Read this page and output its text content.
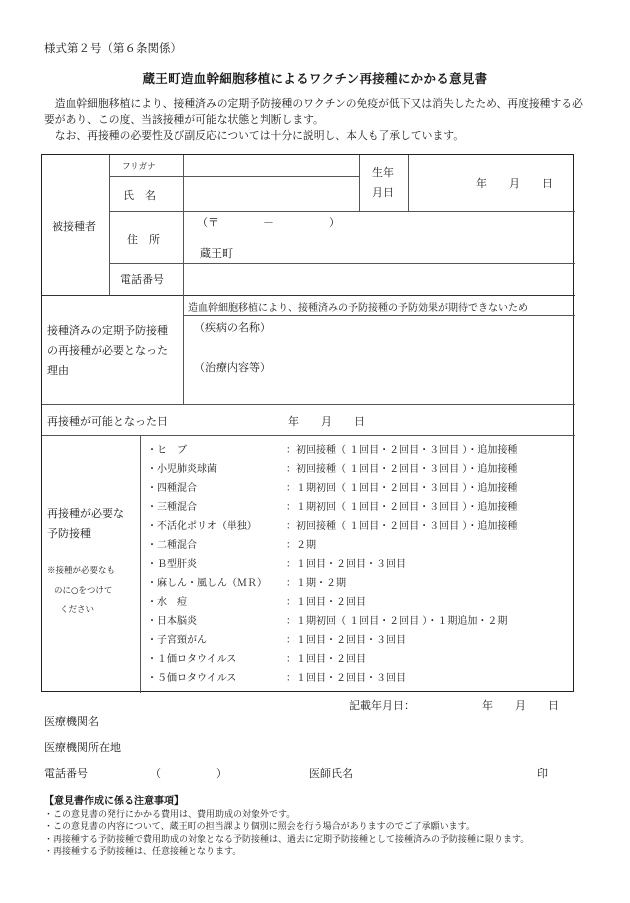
様式第２号（第６条関係）
蔵王町造血幹細胞移植によるワクチン再接種にかかる意見書

造血幹細胞移植により、接種済みの定期予防接種のワクチンの免疫が低下又は消失したため、再度接種する必要があり、この度、当該接種が可能な状態と判断します。

なお、再接種の必要性及び副反応については十分に説明し、本人も了承しています。

被接種者
フリガナ
氏　名
生年
月日
年　　月　　日
住　所
（〒　　　　－　　　　　）
蔵王町
電話番号
接種済みの定期予防接種
の再接種が必要となった
理由
造血幹細胞移植により、接種済みの予防接種の予防効果が期待できないため
（疾病の名称）
（治療内容等）
再接種が可能となった日	年　　月　　日
再接種が必要な
予防接種
※接種が必要なも
のに○をつけて
ください
・ヒ　ブ	：初回接種（ １回目・２回目・３回目 ）・追加接種
・小児肺炎球菌	：初回接種（ １回目・２回目・３回目 ）・追加接種
・四種混合	：１期初回（ １回目・２回目・３回目 ）・追加接種
・三種混合	：１期初回（ １回目・２回目・３回目 ）・追加接種
・不活化ポリオ（単独）	：初回接種（ １回目・２回目・３回目 ）・追加接種
・二種混合	：２期
・Ｂ型肝炎	：１回目・２回目・３回目
・麻しん・風しん（ＭＲ） ：１期・２期
・水　痘	：１回目・２回目
・日本脳炎	：１期初回（ １回目・２回目 ）・１期追加・２期
・子宮頸がん	：１回目・２回目・３回目
・１価ロタウイルス	：１回目・２回目
・５価ロタウイルス	：１回目・２回目・３回目
記載年月日：	年　　月　　日
医療機関名
医療機関所在地
電話番号	（　　　　　）	医師氏名	印
【意見書作成に係る注意事項】
・この意見書の発行にかかる費用は、費用助成の対象外です。
・この意見書の内容について、蔵王町の担当課より個別に照会を行う場合がありますのでご了承願います。
・再接種する予防接種で費用助成の対象となる予防接種は、過去に定期予防接種として接種済みの予防接種に限ります。
・再接種する予防接種は、任意接種となります。
